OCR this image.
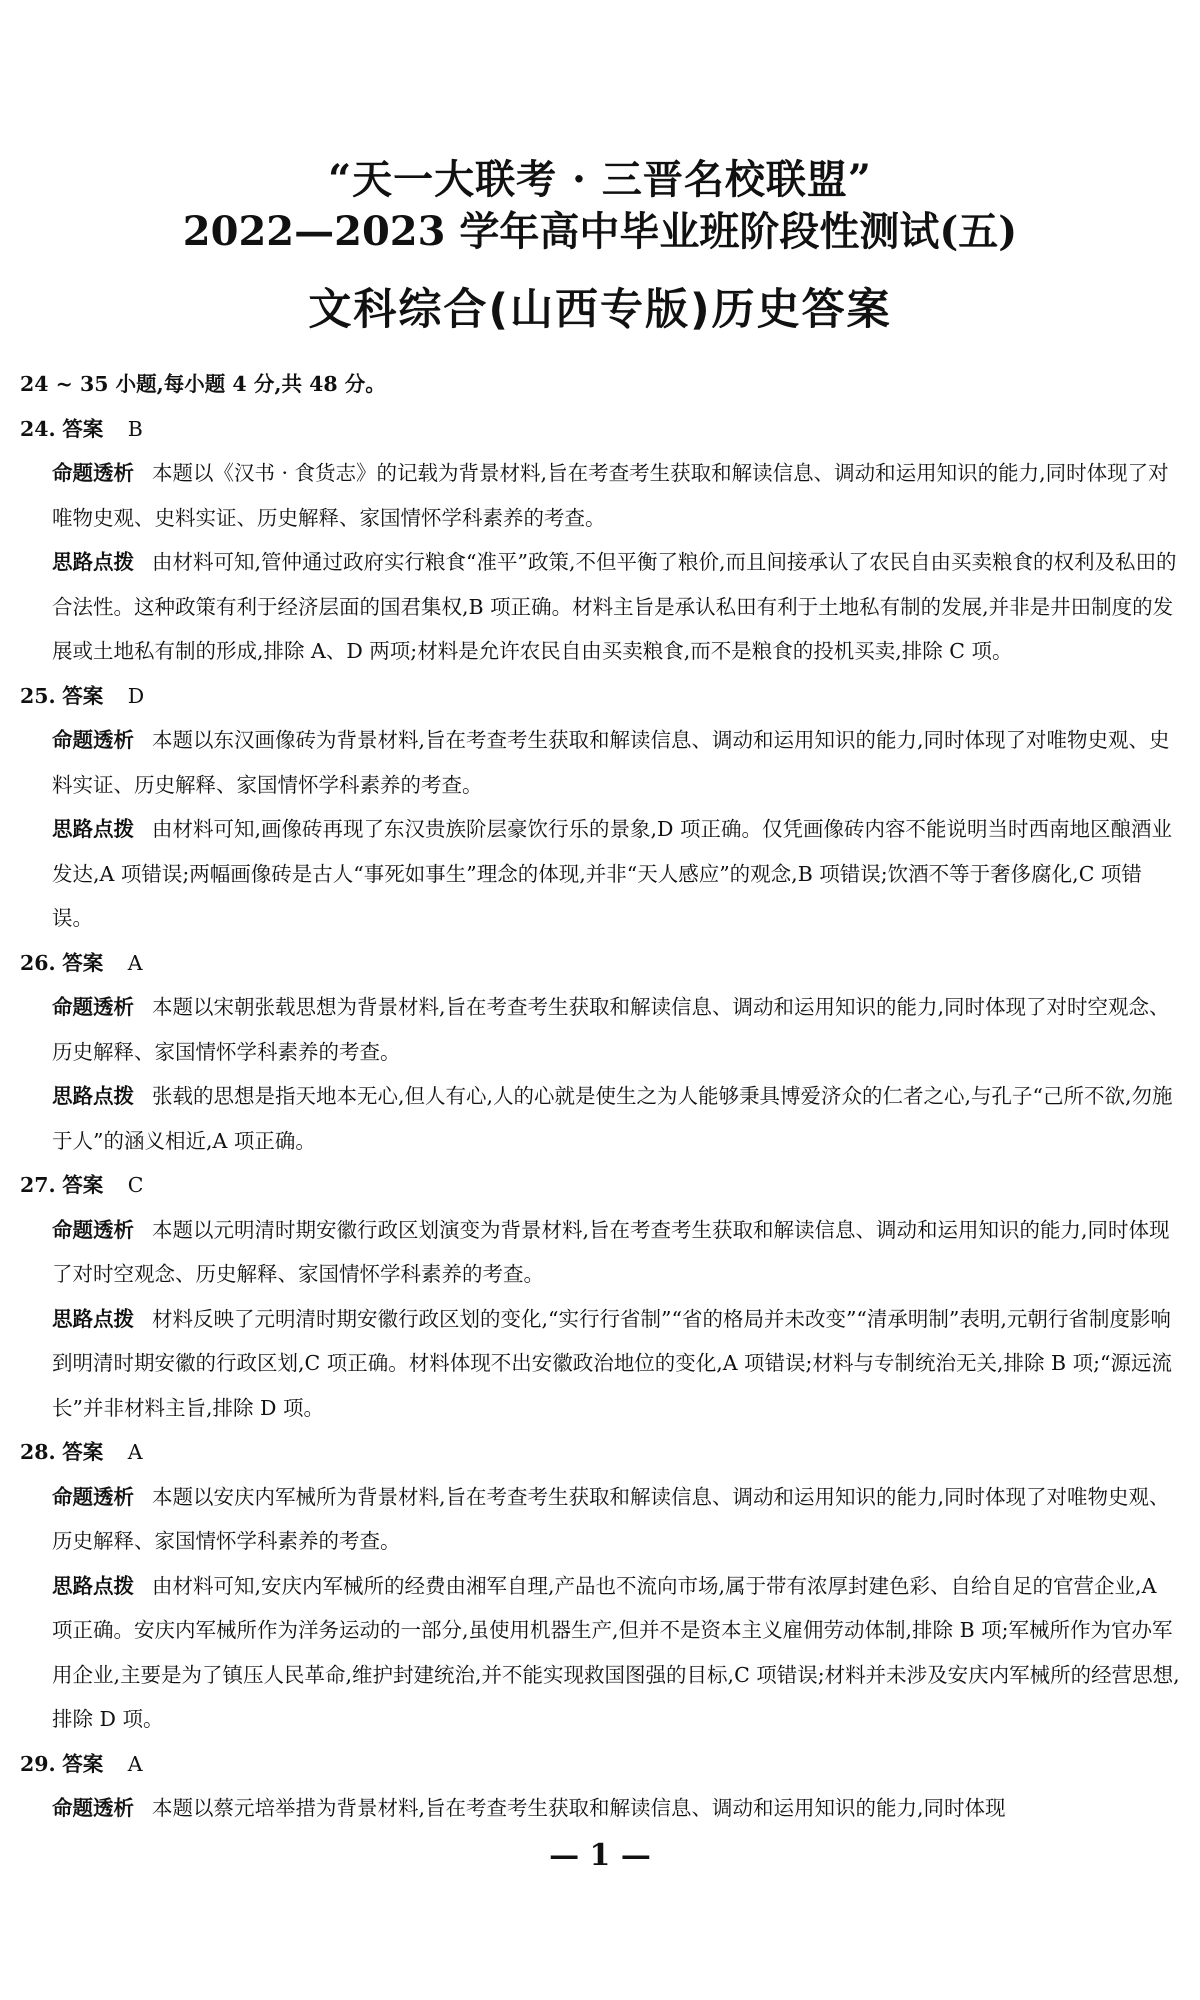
“天一大联考 · 三晋名校联盟”
2022—2023 学年高中毕业班阶段性测试(五)
文科综合(山西专版)历史答案
24 ~ 35 小题,每小题 4 分,共 48 分。
24. 答案 B
命题透析 本题以《汉书 · 食货志》的记载为背景材料,旨在考查考生获取和解读信息、调动和运用知识的能力,同时体现了对唯物史观、史料实证、历史解释、家国情怀学科素养的考查。
思路点拨 由材料可知,管仲通过政府实行粮食“准平”政策,不但平衡了粮价,而且间接承认了农民自由买卖粮食的权利及私田的合法性。这种政策有利于经济层面的国君集权,B 项正确。材料主旨是承认私田有利于土地私有制的发展,并非是井田制度的发展或土地私有制的形成,排除 A、D 两项;材料是允许农民自由买卖粮食,而不是粮食的投机买卖,排除 C 项。
25. 答案 D
命题透析 本题以东汉画像砖为背景材料,旨在考查考生获取和解读信息、调动和运用知识的能力,同时体现了对唯物史观、史料实证、历史解释、家国情怀学科素养的考查。
思路点拨 由材料可知,画像砖再现了东汉贵族阶层豪饮行乐的景象,D 项正确。仅凭画像砖内容不能说明当时西南地区酿酒业发达,A 项错误;两幅画像砖是古人“事死如事生”理念的体现,并非“天人感应”的观念,B 项错误;饮酒不等于奢侈腐化,C 项错误。
26. 答案 A
命题透析 本题以宋朝张载思想为背景材料,旨在考查考生获取和解读信息、调动和运用知识的能力,同时体现了对时空观念、历史解释、家国情怀学科素养的考查。
思路点拨 张载的思想是指天地本无心,但人有心,人的心就是使生之为人能够秉具博爱济众的仁者之心,与孔子“己所不欲,勿施于人”的涵义相近,A 项正确。
27. 答案 C
命题透析 本题以元明清时期安徽行政区划演变为背景材料,旨在考查考生获取和解读信息、调动和运用知识的能力,同时体现了对时空观念、历史解释、家国情怀学科素养的考查。
思路点拨 材料反映了元明清时期安徽行政区划的变化,“实行行省制”“省的格局并未改变”“清承明制”表明,元朝行省制度影响到明清时期安徽的行政区划,C 项正确。材料体现不出安徽政治地位的变化,A 项错误;材料与专制统治无关,排除 B 项;“源远流长”并非材料主旨,排除 D 项。
28. 答案 A
命题透析 本题以安庆内军械所为背景材料,旨在考查考生获取和解读信息、调动和运用知识的能力,同时体现了对唯物史观、历史解释、家国情怀学科素养的考查。
思路点拨 由材料可知,安庆内军械所的经费由湘军自理,产品也不流向市场,属于带有浓厚封建色彩、自给自足的官营企业,A 项正确。安庆内军械所作为洋务运动的一部分,虽使用机器生产,但并不是资本主义雇佣劳动体制,排除 B 项;军械所作为官办军用企业,主要是为了镇压人民革命,维护封建统治,并不能实现救国图强的目标,C 项错误;材料并未涉及安庆内军械所的经营思想,排除 D 项。
29. 答案 A
命题透析 本题以蔡元培举措为背景材料,旨在考查考生获取和解读信息、调动和运用知识的能力,同时体现
— 1 —
